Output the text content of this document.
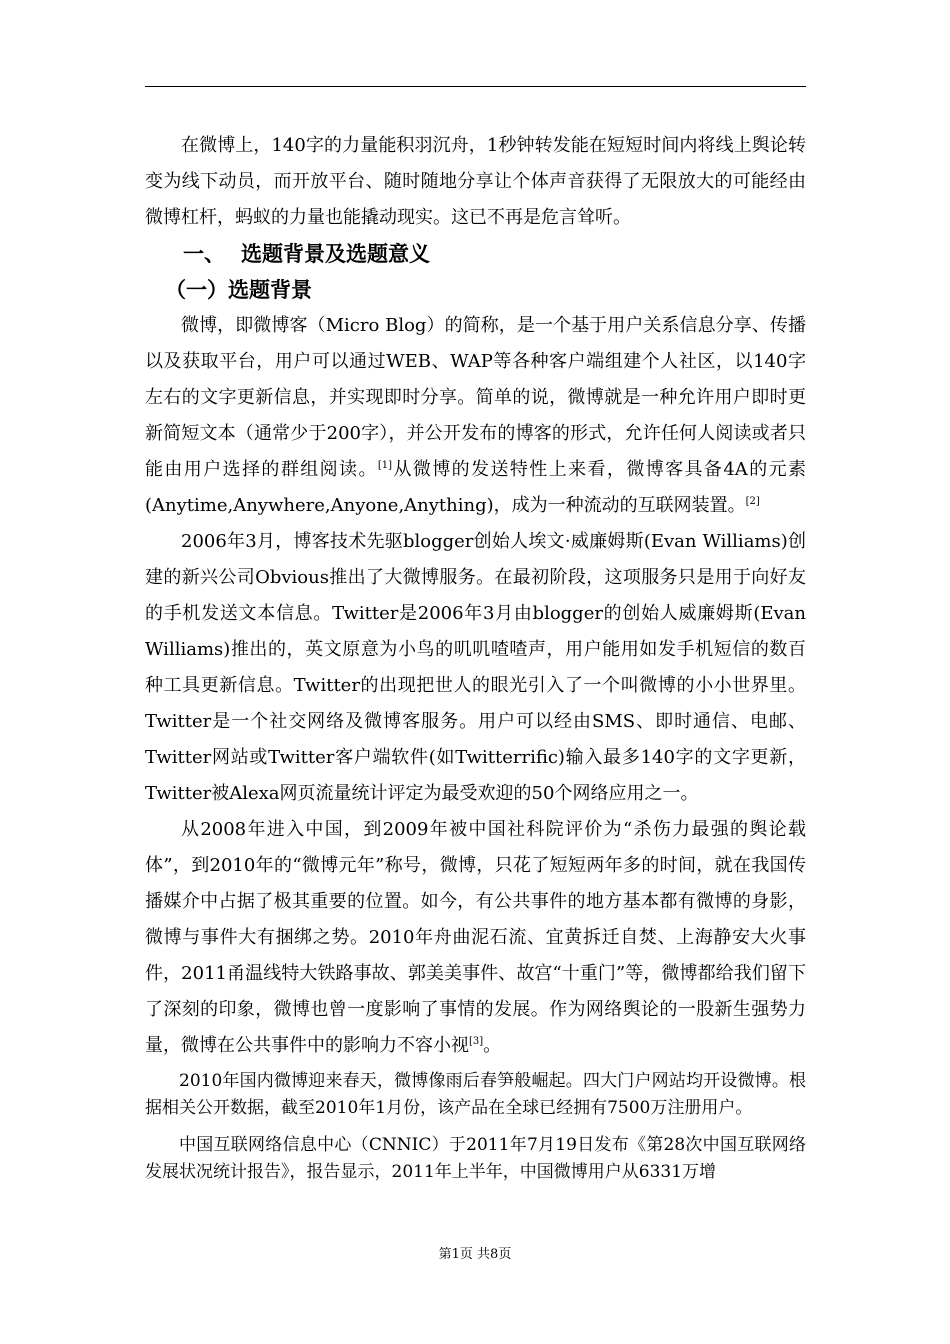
在微博上，140字的力量能积羽沉舟，1秒钟转发能在短短时间内将线上舆论转变为线下动员，而开放平台、随时随地分享让个体声音获得了无限放大的可能经由微博杠杆，蚂蚁的力量也能撬动现实。这已不再是危言耸听。

一、 选题背景及选题意义
（一）选题背景

微博，即微博客（Micro Blog）的简称，是一个基于用户关系信息分享、传播以及获取平台，用户可以通过WEB、WAP等各种客户端组建个人社区，以140字左右的文字更新信息，并实现即时分享。简单的说，微博就是一种允许用户即时更新简短文本（通常少于200字），并公开发布的博客的形式，允许任何人阅读或者只能由用户选择的群组阅读。[1]从微博的发送特性上来看，微博客具备4A的元素(Anytime,Anywhere,Anyone,Anything)，成为一种流动的互联网装置。[2]

2006年3月，博客技术先驱blogger创始人埃文·威廉姆斯(Evan Williams)创建的新兴公司Obvious推出了大微博服务。在最初阶段，这项服务只是用于向好友的手机发送文本信息。Twitter是2006年3月由blogger的创始人威廉姆斯(Evan Williams)推出的，英文原意为小鸟的叽叽喳喳声，用户能用如发手机短信的数百种工具更新信息。Twitter的出现把世人的眼光引入了一个叫微博的小小世界里。Twitter是一个社交网络及微博客服务。用户可以经由SMS、即时通信、电邮、Twitter网站或Twitter客户端软件(如Twitterrific)输入最多140字的文字更新，Twitter被Alexa网页流量统计评定为最受欢迎的50个网络应用之一。

从2008年进入中国，到2009年被中国社科院评价为“杀伤力最强的舆论载体”，到2010年的“微博元年”称号，微博，只花了短短两年多的时间，就在我国传播媒介中占据了极其重要的位置。如今，有公共事件的地方基本都有微博的身影，微博与事件大有捆绑之势。2010年舟曲泥石流、宜黄拆迁自焚、上海静安大火事件，2011甬温线特大铁路事故、郭美美事件、故宫“十重门”等，微博都给我们留下了深刻的印象，微博也曾一度影响了事情的发展。作为网络舆论的一股新生强势力量，微博在公共事件中的影响力不容小视[3]。

2010年国内微博迎来春天，微博像雨后春笋般崛起。四大门户网站均开设微博。根据相关公开数据，截至2010年1月份，该产品在全球已经拥有7500万注册用户。

中国互联网络信息中心（CNNIC）于2011年7月19日发布《第28次中国互联网络发展状况统计报告》，报告显示，2011年上半年，中国微博用户从6331万增

第1页 共8页
